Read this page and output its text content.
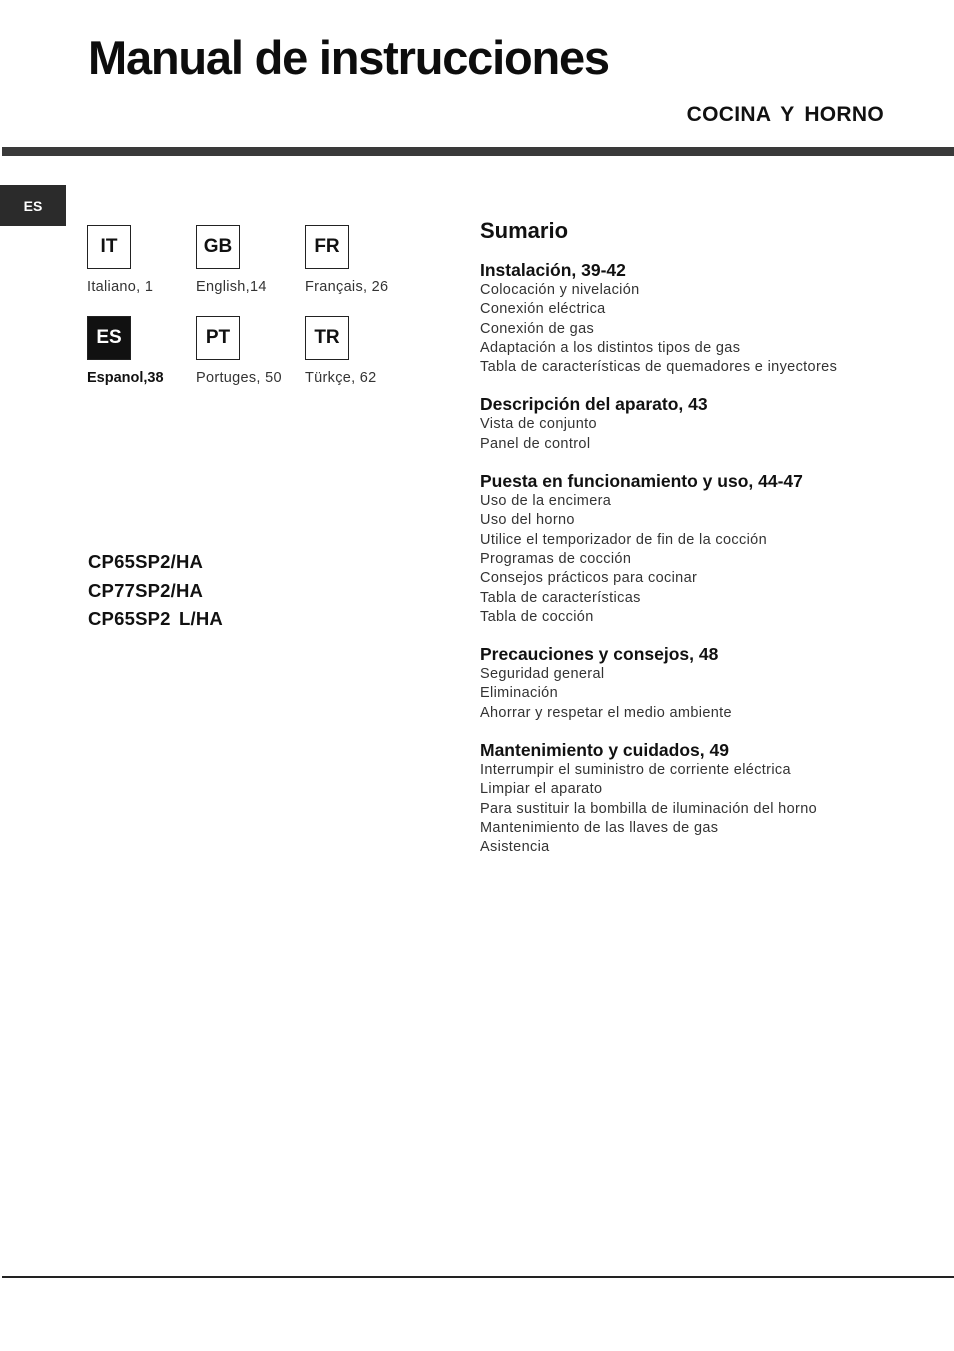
Manual de instrucciones
COCINA Y HORNO
ES
IT
Italiano, 1
GB
English,14
FR
Français, 26
ES
Espanol,38
PT
Portuges, 50
TR
Türkçe, 62
CP65SP2/HA
CP77SP2/HA
CP65SP2 L/HA
Sumario
Instalación, 39-42
Colocación y nivelación
Conexión eléctrica
Conexión de gas
Adaptación a los distintos tipos de gas
Tabla de características de quemadores e inyectores
Descripción del aparato, 43
Vista de conjunto
Panel de control
Puesta en funcionamiento y uso, 44-47
Uso de la encimera
Uso del horno
Utilice el temporizador de fin de la cocción
Programas de cocción
Consejos prácticos para cocinar
Tabla de características
Tabla de cocción
Precauciones y consejos, 48
Seguridad general
Eliminación
Ahorrar y respetar el medio ambiente
Mantenimiento y cuidados, 49
Interrumpir el suministro de corriente eléctrica
Limpiar el aparato
Para sustituir la bombilla de iluminación del horno
Mantenimiento de las llaves de gas
Asistencia
